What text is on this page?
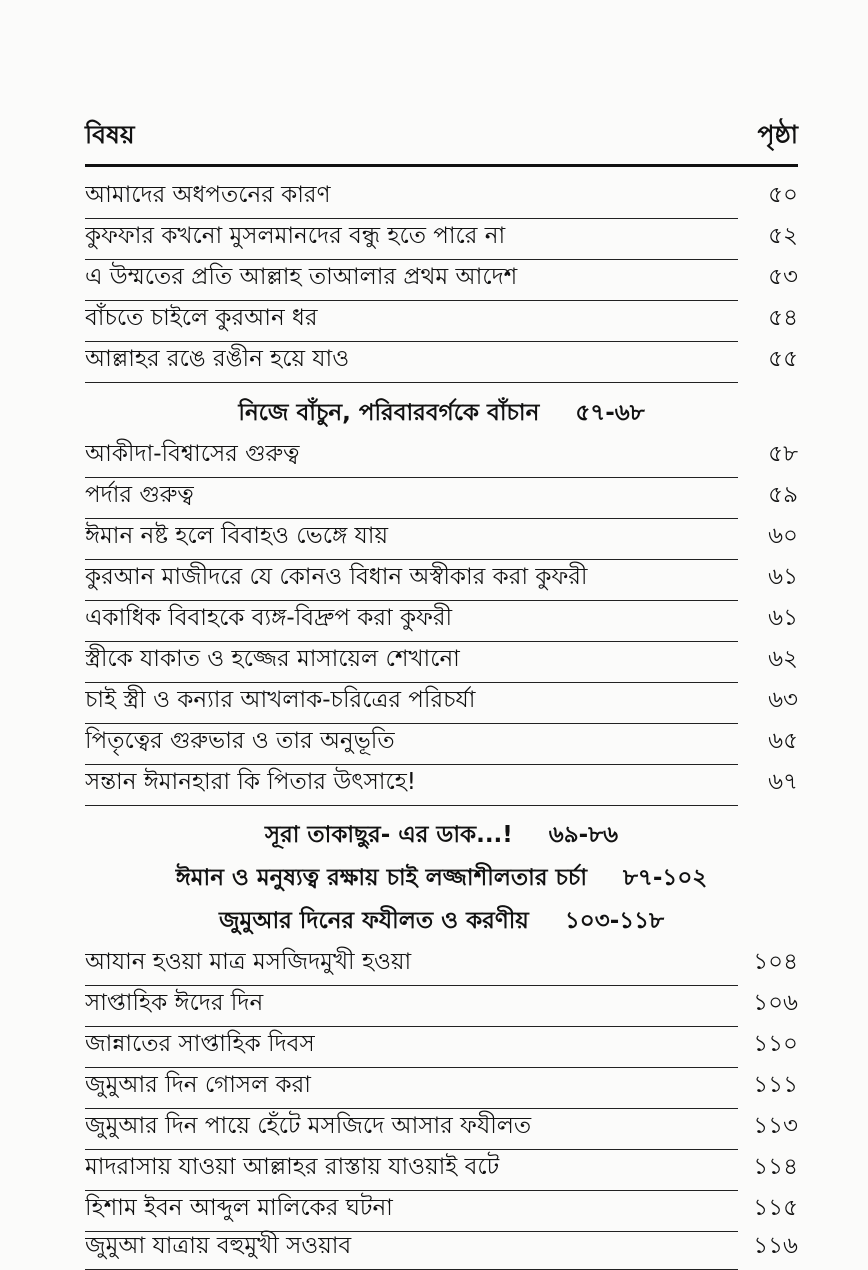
বিষয়	পৃষ্ঠা
আমাদের অধপতনের কারণ	৫০
কুফফার কখনো মুসলমানদের বন্ধু হতে পারে না	৫২
এ উম্মতের প্রতি আল্লাহ তাআলার প্রথম আদেশ	৫৩
বাঁচতে চাইলে কুরআন ধর	৫৪
আল্লাহর রঙে রঙীন হয়ে যাও	৫৫
নিজে বাঁচুন, পরিবারবর্গকে বাঁচান ৫৭-৬৮
আকীদা-বিশ্বাসের গুরুত্ব	৫৮
পর্দার গুরুত্ব	৫৯
ঈমান নষ্ট হলে বিবাহও ভেঙ্গে যায়	৬০
কুরআন মাজীদরে যে কোনও বিধান অস্বীকার করা কুফরী	৬১
একাধিক বিবাহকে ব্যঙ্গ-বিদ্রুপ করা কুফরী	৬১
স্ত্রীকে যাকাত ও হজ্জের মাসায়েল শেখানো	৬২
চাই স্ত্রী ও কন্যার আখলাক-চরিত্রের পরিচর্যা	৬৩
পিতৃত্বের গুরুভার ও তার অনুভূতি	৬৫
সন্তান ঈমানহারা কি পিতার উৎসাহে!	৬৭
সূরা তাকাছুর- এর ডাক...! ৬৯-৮৬
ঈমান ও মনুষ্যত্ব রক্ষায় চাই লজ্জাশীলতার চর্চা ৮৭-১০২
জুমুআর দিনের ফযীলত ও করণীয় ১০৩-১১৮
আযান হওয়া মাত্র মসজিদমুখী হওয়া	১০৪
সাপ্তাহিক ঈদের দিন	১০৬
জান্নাতের সাপ্তাহিক দিবস	১১০
জুমুআর দিন গোসল করা	১১১
জুমুআর দিন পায়ে হেঁটে মসজিদে আসার ফযীলত	১১৩
মাদরাসায় যাওয়া আল্লাহর রাস্তায় যাওয়াই বটে	১১৪
হিশাম ইবন আব্দুল মালিকের ঘটনা	১১৫
জুমুআ যাত্রায় বহুমুখী সওয়াব	১১৬
